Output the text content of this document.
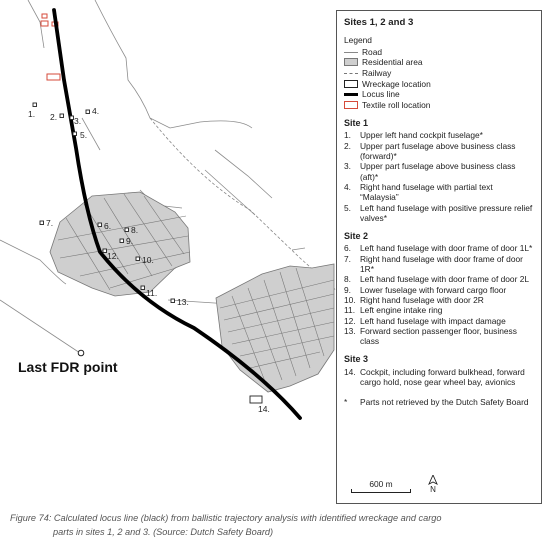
1. 2. 3.
4.
5.
6.
7.
8.
9.
10.
11.
12.
13.
14.
Last FDR point
Sites 1, 2 and 3
Legend
Road
Residential area
Railway
Wreckage location
Locus line
Textile roll location
Site 1
1.	Upper left hand cockpit fuselage*
2.	Upper part fuselage above business class (forward)*
3.	Upper part fuselage above business class (aft)*
4.	Right hand fuselage with partial text “Malaysia”
5.	Left hand fuselage with positive pressure relief valves*
Site 2
6.	Left hand fuselage with door frame of door 1L*
7.	Right hand fuselage with door frame of door 1R*
8.	Left hand fuselage with door frame of door 2L
9.	Lower fuselage with forward cargo floor
10. Right hand fuselage with door 2R
11. Left engine intake ring
12. Left hand fuselage with impact damage
13. Forward section passenger floor, business class
Site 3
14. Cockpit, including forward bulkhead, forward cargo hold, nose gear wheel bay, avionics
*	Parts not retrieved by the Dutch Safety Board
600 m
N
Figure 74: Calculated locus line (black) from ballistic trajectory analysis with identified wreckage and cargo
parts in sites 1, 2 and 3. (Source: Dutch Safety Board)
